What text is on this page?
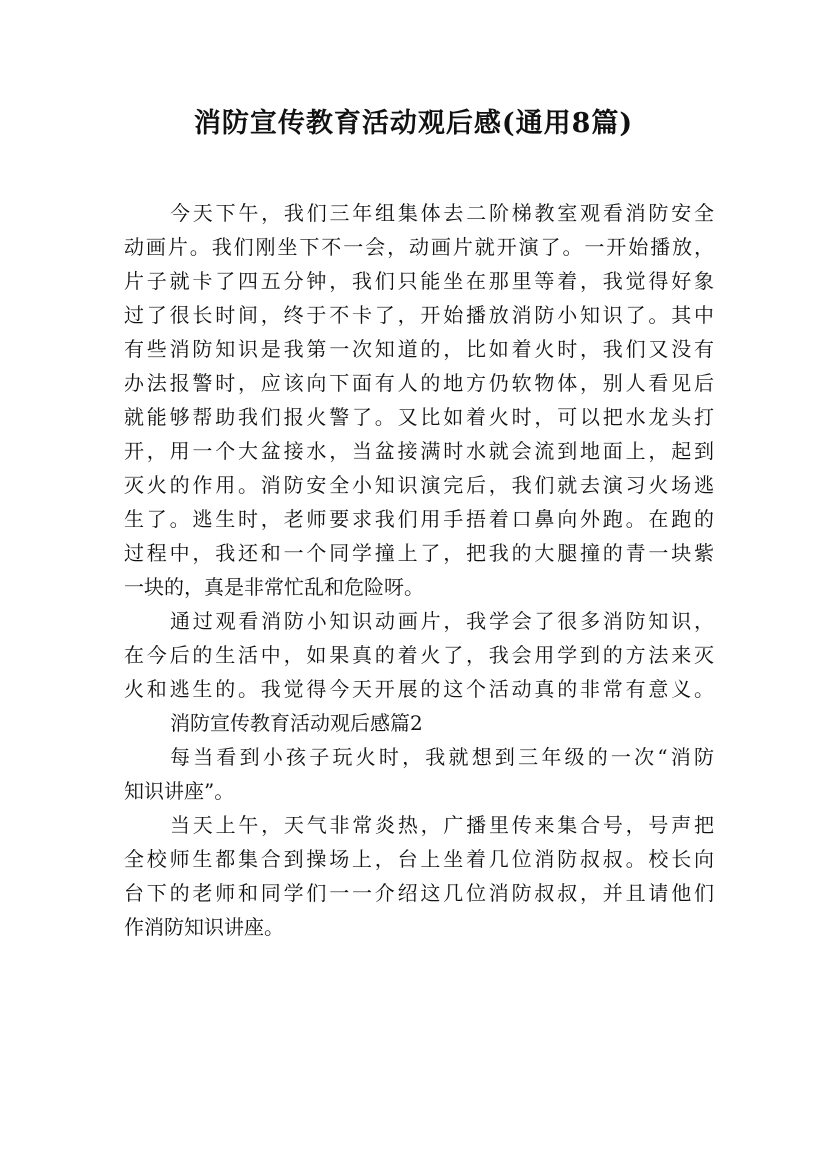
消防宣传教育活动观后感(通用8篇)
今天下午，我们三年组集体去二阶梯教室观看消防安全
动画片。我们刚坐下不一会，动画片就开演了。一开始播放，
片子就卡了四五分钟，我们只能坐在那里等着，我觉得好象
过了很长时间，终于不卡了，开始播放消防小知识了。其中
有些消防知识是我第一次知道的，比如着火时，我们又没有
办法报警时，应该向下面有人的地方仍软物体，别人看见后
就能够帮助我们报火警了。又比如着火时，可以把水龙头打
开，用一个大盆接水，当盆接满时水就会流到地面上，起到
灭火的作用。消防安全小知识演完后，我们就去演习火场逃
生了。逃生时，老师要求我们用手捂着口鼻向外跑。在跑的
过程中，我还和一个同学撞上了，把我的大腿撞的青一块紫
一块的，真是非常忙乱和危险呀。
通过观看消防小知识动画片，我学会了很多消防知识，
在今后的生活中，如果真的着火了，我会用学到的方法来灭
火和逃生的。我觉得今天开展的这个活动真的非常有意义。
消防宣传教育活动观后感篇2
每当看到小孩子玩火时，我就想到三年级的一次“消防
知识讲座”。
当天上午，天气非常炎热，广播里传来集合号，号声把
全校师生都集合到操场上，台上坐着几位消防叔叔。校长向
台下的老师和同学们一一介绍这几位消防叔叔，并且请他们
作消防知识讲座。
